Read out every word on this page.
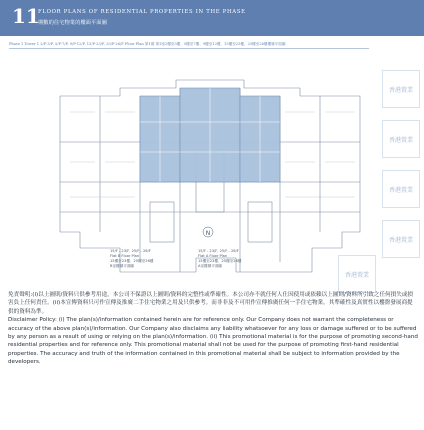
11
FLOOR PLANS OF RESIDENTIAL PROPERTIES IN THE PHASE
期數的住宅物業的樓面平面圖
Phase 1 Tower 1 2/F-3/F, 5/F-7/F, 9/F-12/F, 15/F-23/F, 25/F-26/F Floor Plan 第1期 第1座2樓至3樓、5樓至7樓、9樓至12樓、15樓至23樓、25樓至26樓樓層平面圖
N
15/F - 23/F, 25/F - 26/F
Flat B Floor Plan
15樓至23樓、25樓至26樓
B室樓層平面圖
15/F - 23/F, 25/F - 26/F
Flat A Floor Plan
15樓至23樓、25樓至26樓
A室樓層平面圖
香港置業
香港置業
香港置業
香港置業
香港置業

免責聲明:(i)以上圖則/資料只供參考用途。本公司不保證以上圖則/資料的完整性或準確性。本公司亦不就任何人仕因使用或依賴以上圖則/資料所引致之任何損失或損害負上任何責任。(ii)本宣傳資料只可作宣傳及推廣二手住宅物業之用及只供參考。而非非及不可用作宣傳推廣任何一手住宅物業。其準確性及真實性以樓盤發展商提供的資料為準。

Disclaimer Policy: (i) The plan(s)/information contained herein are for reference only. Our Company does not warrant the completeness or accuracy of the above plan(s)/information. Our Company also disclaims any liability whatsoever for any loss or damage suffered or to be suffered by any person as a result of using or relying on the plan(s)/information. (ii) This promotional material is for the purpose of promoting second-hand residential properties and for reference only. This promotional material shall not be used for the purpose of promoting first-hand residential properties. The accuracy and truth of the information contained in this promotional material shall be subject to information provided by the developers.
